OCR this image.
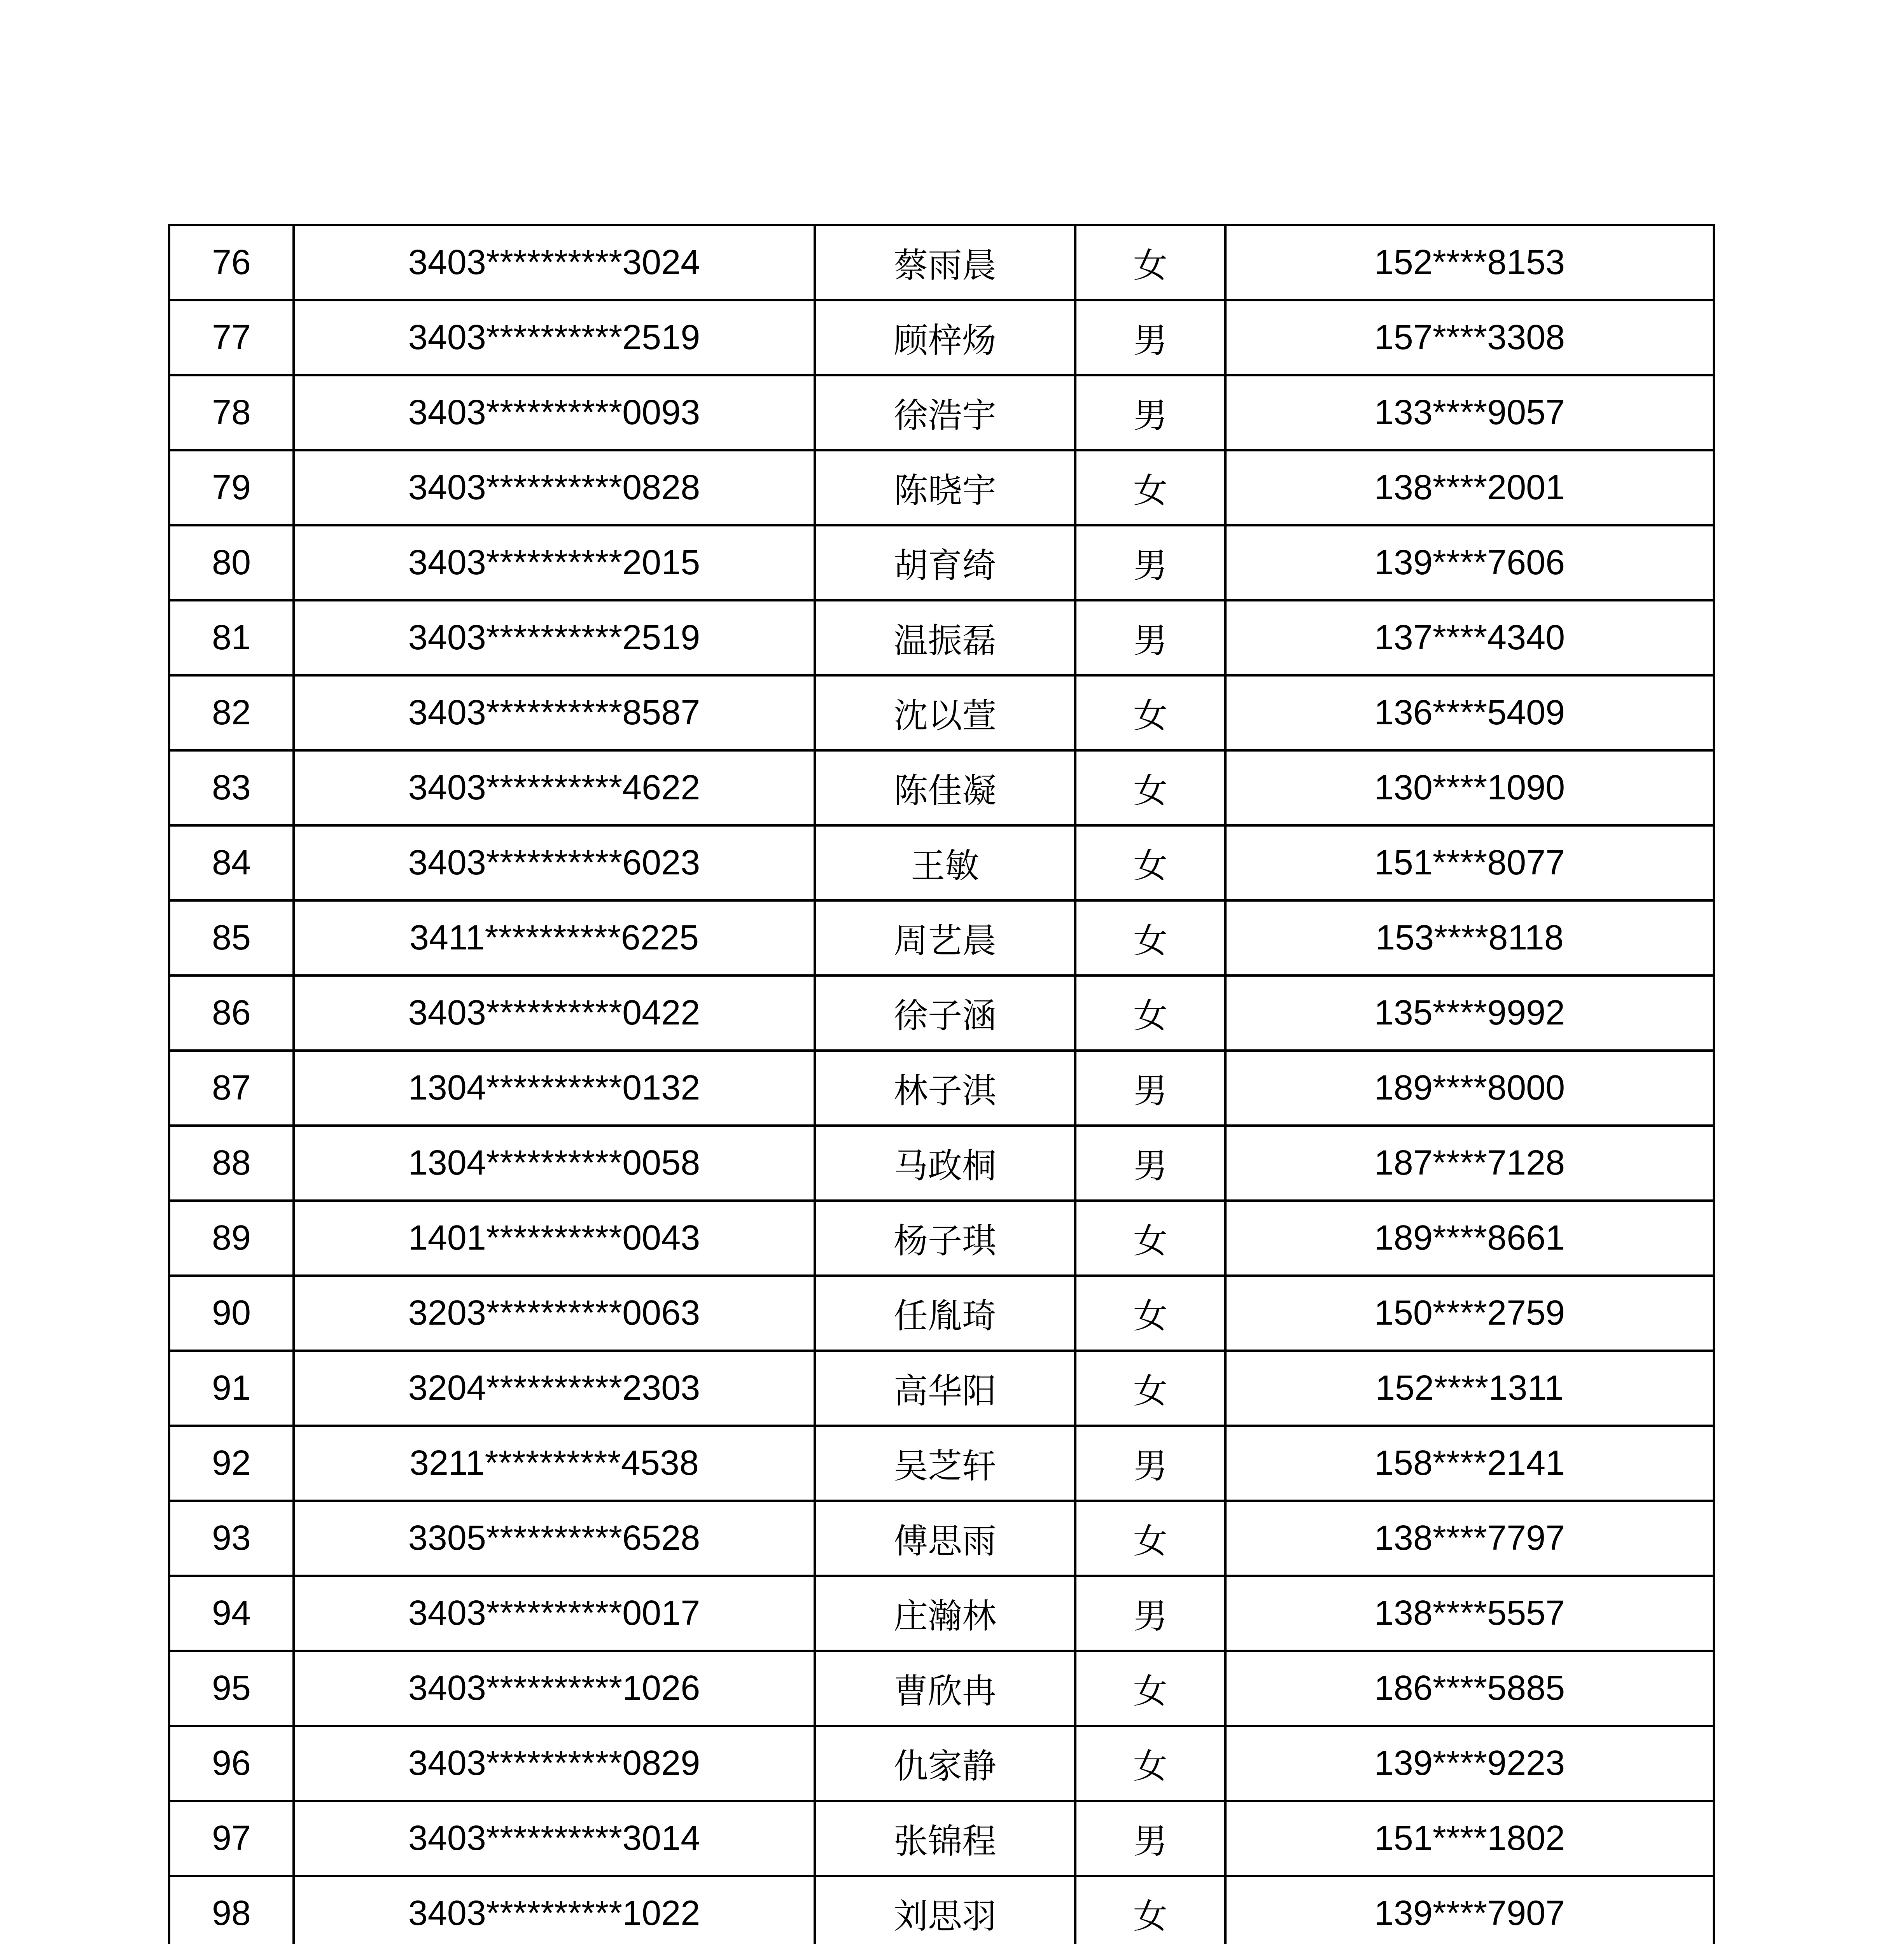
76	3403**********3024	蔡雨晨	女	152****8153
77	3403**********2519	顾梓炀	男	157****3308
78	3403**********0093	徐浩宇	男	133****9057
79	3403**********0828	陈晓宇	女	138****2001
80	3403**********2015	胡育绮	男	139****7606
81	3403**********2519	温振磊	男	137****4340
82	3403**********8587	沈以萱	女	136****5409
83	3403**********4622	陈佳凝	女	130****1090
84	3403**********6023	王敏	女	151****8077
85	3411**********6225	周艺晨	女	153****8118
86	3403**********0422	徐子涵	女	135****9992
87	1304**********0132	林子淇	男	189****8000
88	1304**********0058	马政桐	男	187****7128
89	1401**********0043	杨子琪	女	189****8661
90	3203**********0063	任胤琦	女	150****2759
91	3204**********2303	高华阳	女	152****1311
92	3211**********4538	吴芝轩	男	158****2141
93	3305**********6528	傅思雨	女	138****7797
94	3403**********0017	庄瀚林	男	138****5557
95	3403**********1026	曹欣冉	女	186****5885
96	3403**********0829	仇家静	女	139****9223
97	3403**********3014	张锦程	男	151****1802
98	3403**********1022	刘思羽	女	139****7907
